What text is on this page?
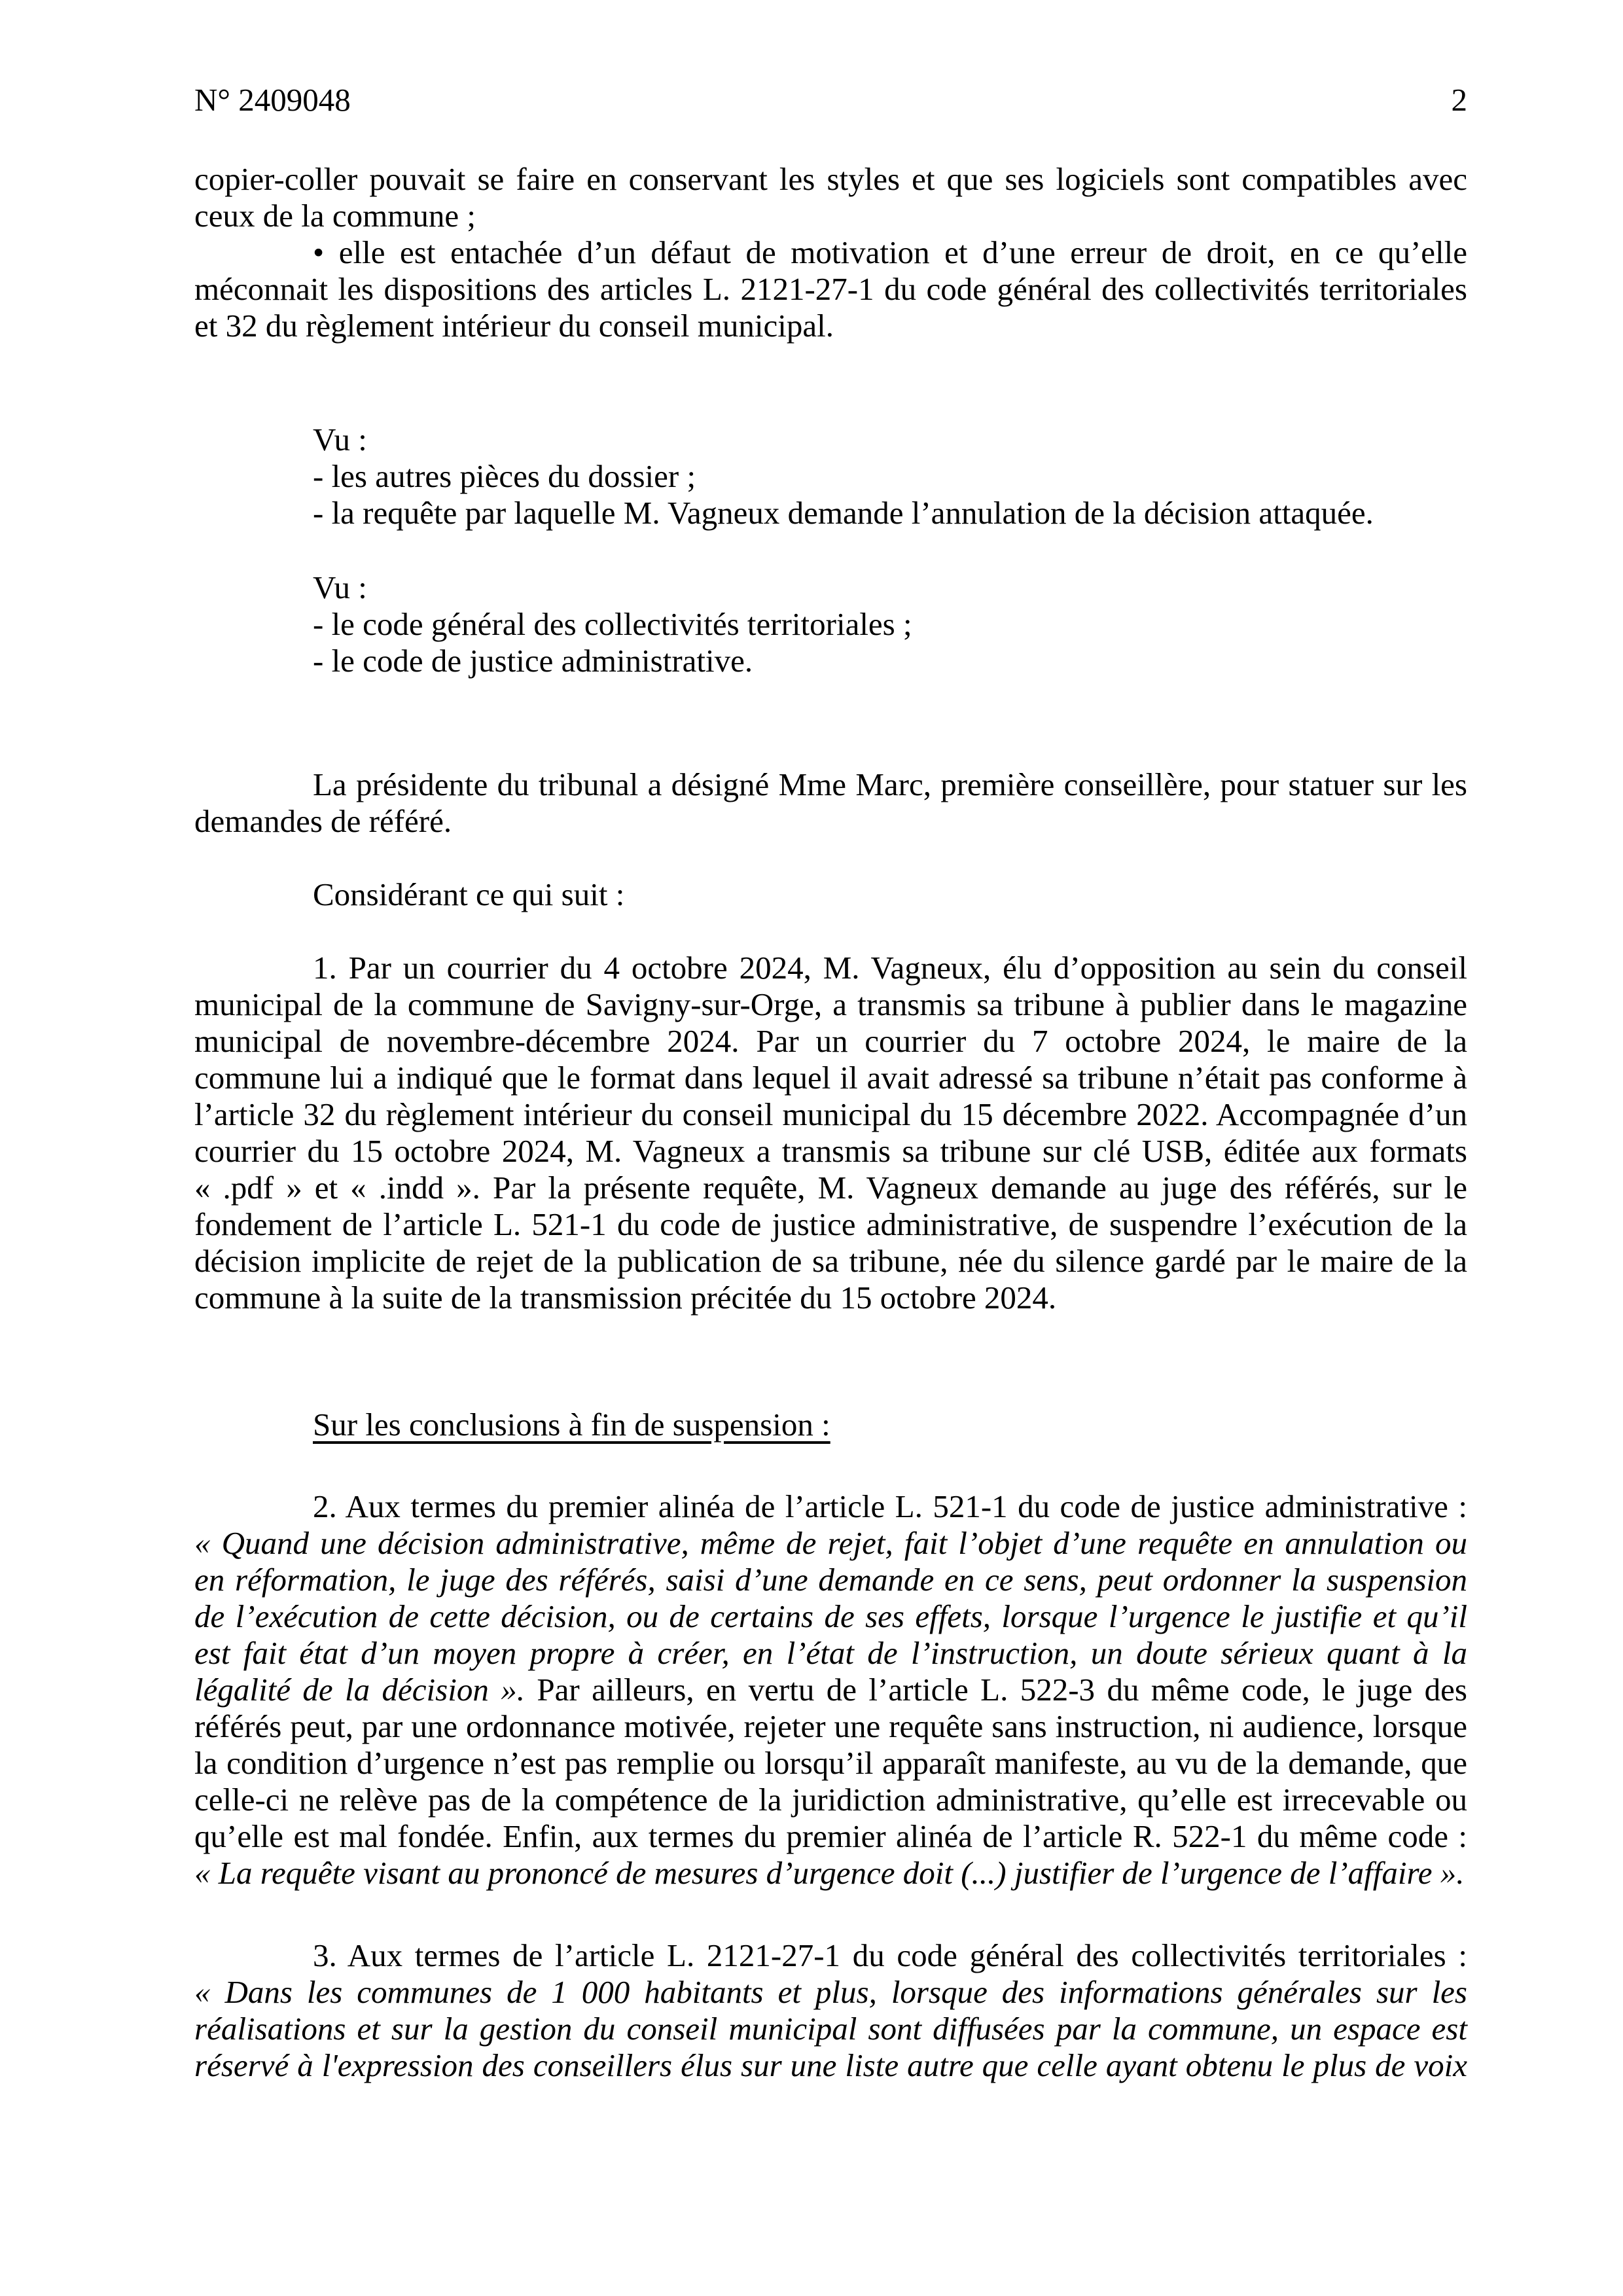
N° 2409048	2
copier-coller pouvait se faire en conservant les styles et que ses logiciels sont compatibles avec
ceux de la commune ;
• elle est entachée d’un défaut de motivation et d’une erreur de droit, en ce qu’elle
méconnait les dispositions des articles L. 2121-27-1 du code général des collectivités territoriales
et 32 du règlement intérieur du conseil municipal.
Vu :
- les autres pièces du dossier ;
- la requête par laquelle M. Vagneux demande l’annulation de la décision attaquée.
Vu :
- le code général des collectivités territoriales ;
- le code de justice administrative.
La présidente du tribunal a désigné Mme Marc, première conseillère, pour statuer sur les
demandes de référé.
Considérant ce qui suit :
1. Par un courrier du 4 octobre 2024, M. Vagneux, élu d’opposition au sein du conseil
municipal de la commune de Savigny-sur-Orge, a transmis sa tribune à publier dans le magazine
municipal de novembre-décembre 2024. Par un courrier du 7 octobre 2024, le maire de la
commune lui a indiqué que le format dans lequel il avait adressé sa tribune n’était pas conforme à
l’article 32 du règlement intérieur du conseil municipal du 15 décembre 2022. Accompagnée d’un
courrier du 15 octobre 2024, M. Vagneux a transmis sa tribune sur clé USB, éditée aux formats
« .pdf » et « .indd ». Par la présente requête, M. Vagneux demande au juge des référés, sur le
fondement de l’article L. 521-1 du code de justice administrative, de suspendre l’exécution de la
décision implicite de rejet de la publication de sa tribune, née du silence gardé par le maire de la
commune à la suite de la transmission précitée du 15 octobre 2024.
Sur les conclusions à fin de suspension :
2. Aux termes du premier alinéa de l’article L. 521-1 du code de justice administrative :
« Quand une décision administrative, même de rejet, fait l’objet d’une requête en annulation ou
en réformation, le juge des référés, saisi d’une demande en ce sens, peut ordonner la suspension
de l’exécution de cette décision, ou de certains de ses effets, lorsque l’urgence le justifie et qu’il
est fait état d’un moyen propre à créer, en l’état de l’instruction, un doute sérieux quant à la
légalité de la décision ». Par ailleurs, en vertu de l’article L. 522-3 du même code, le juge des
référés peut, par une ordonnance motivée, rejeter une requête sans instruction, ni audience, lorsque
la condition d’urgence n’est pas remplie ou lorsqu’il apparaît manifeste, au vu de la demande, que
celle-ci ne relève pas de la compétence de la juridiction administrative, qu’elle est irrecevable ou
qu’elle est mal fondée. Enfin, aux termes du premier alinéa de l’article R. 522-1 du même code :
« La requête visant au prononcé de mesures d’urgence doit (...) justifier de l’urgence de l’affaire ».
3. Aux termes de l’article L. 2121-27-1 du code général des collectivités territoriales :
« Dans les communes de 1 000 habitants et plus, lorsque des informations générales sur les
réalisations et sur la gestion du conseil municipal sont diffusées par la commune, un espace est
réservé à l'expression des conseillers élus sur une liste autre que celle ayant obtenu le plus de voix
